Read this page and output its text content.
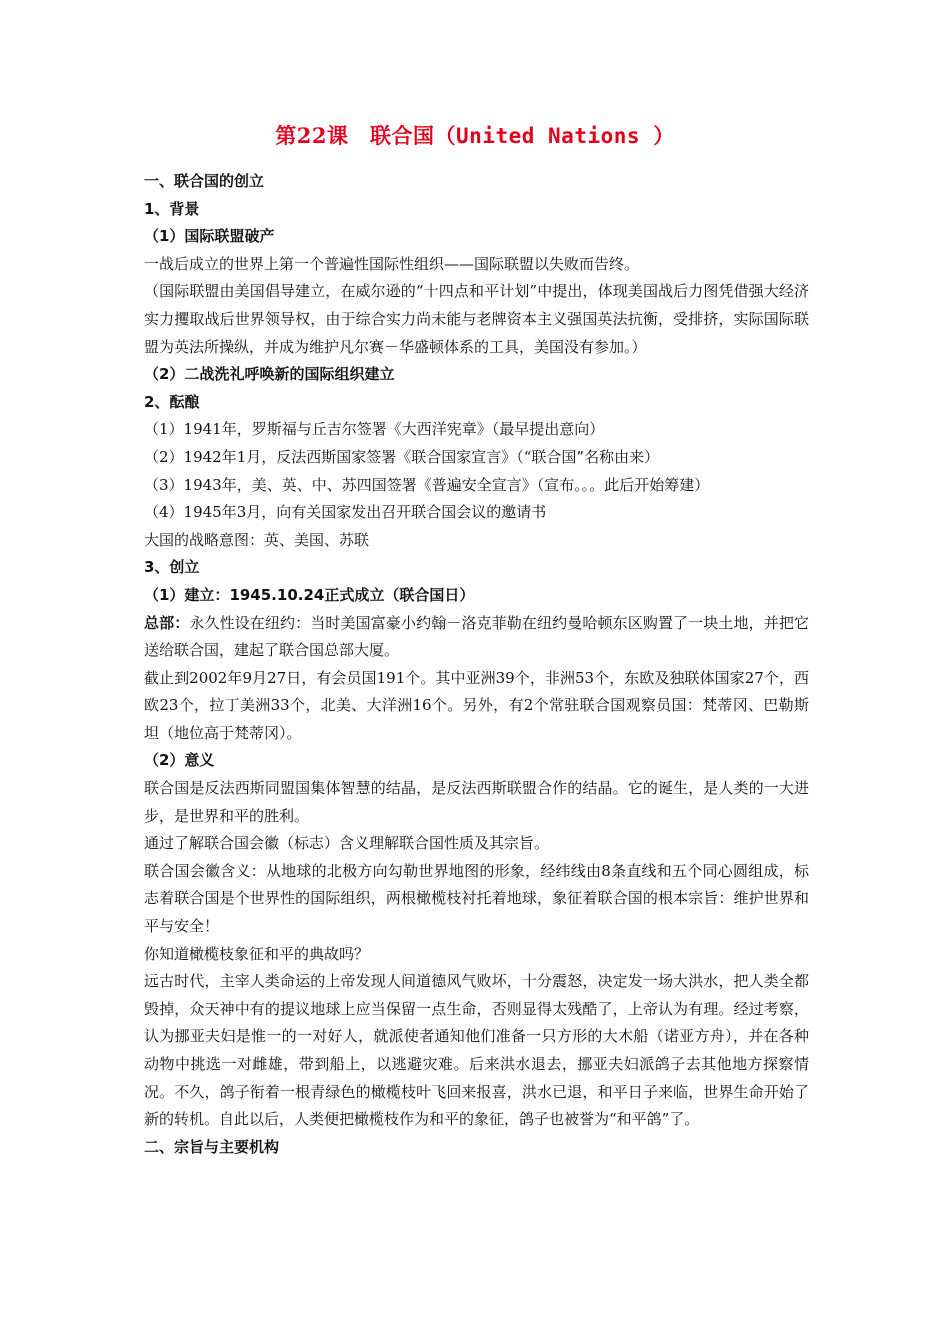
第22课　联合国（United Nations ）

一、联合国的创立

1、背景

（1）国际联盟破产

一战后成立的世界上第一个普遍性国际性组织——国际联盟以失败而告终。

（国际联盟由美国倡导建立，在威尔逊的“十四点和平计划”中提出，体现美国战后力图凭借强大经济实力攫取战后世界领导权，由于综合实力尚未能与老牌资本主义强国英法抗衡，受排挤，实际国际联盟为英法所操纵，并成为维护凡尔赛－华盛顿体系的工具，美国没有参加。）

（2）二战洗礼呼唤新的国际组织建立

2、酝酿

（1）1941年，罗斯福与丘吉尔签署《大西洋宪章》（最早提出意向）

（2）1942年1月，反法西斯国家签署《联合国家宣言》（“联合国”名称由来）

（3）1943年，美、英、中、苏四国签署《普遍安全宣言》（宣布。。。此后开始筹建）

（4）1945年3月，向有关国家发出召开联合国会议的邀请书

大国的战略意图：英、美国、苏联

3、创立

（1）建立：1945.10.24正式成立（联合国日）

总部：永久性设在纽约：当时美国富豪小约翰－洛克菲勒在纽约曼哈顿东区购置了一块土地，并把它送给联合国，建起了联合国总部大厦。

截止到2002年9月27日，有会员国191个。其中亚洲39个，非洲53个，东欧及独联体国家27个，西欧23个，拉丁美洲33个，北美、大洋洲16个。另外，有2个常驻联合国观察员国：梵蒂冈、巴勒斯坦（地位高于梵蒂冈）。

（2）意义

联合国是反法西斯同盟国集体智慧的结晶，是反法西斯联盟合作的结晶。它的诞生，是人类的一大进步，是世界和平的胜利。

通过了解联合国会徽（标志）含义理解联合国性质及其宗旨。

联合国会徽含义：从地球的北极方向勾勒世界地图的形象，经纬线由8条直线和五个同心圆组成，标志着联合国是个世界性的国际组织，两根橄榄枝衬托着地球，象征着联合国的根本宗旨：维护世界和平与安全！

你知道橄榄枝象征和平的典故吗？

远古时代，主宰人类命运的上帝发现人间道德风气败坏，十分震怒，决定发一场大洪水，把人类全都毁掉，众天神中有的提议地球上应当保留一点生命，否则显得太残酷了，上帝认为有理。经过考察，认为挪亚夫妇是惟一的一对好人，就派使者通知他们准备一只方形的大木船（诺亚方舟），并在各种动物中挑选一对雌雄，带到船上，以逃避灾难。后来洪水退去，挪亚夫妇派鸽子去其他地方探察情况。不久，鸽子衔着一根青绿色的橄榄枝叶飞回来报喜，洪水已退，和平日子来临，世界生命开始了新的转机。自此以后，人类便把橄榄枝作为和平的象征，鸽子也被誉为“和平鸽”了。

二、宗旨与主要机构
